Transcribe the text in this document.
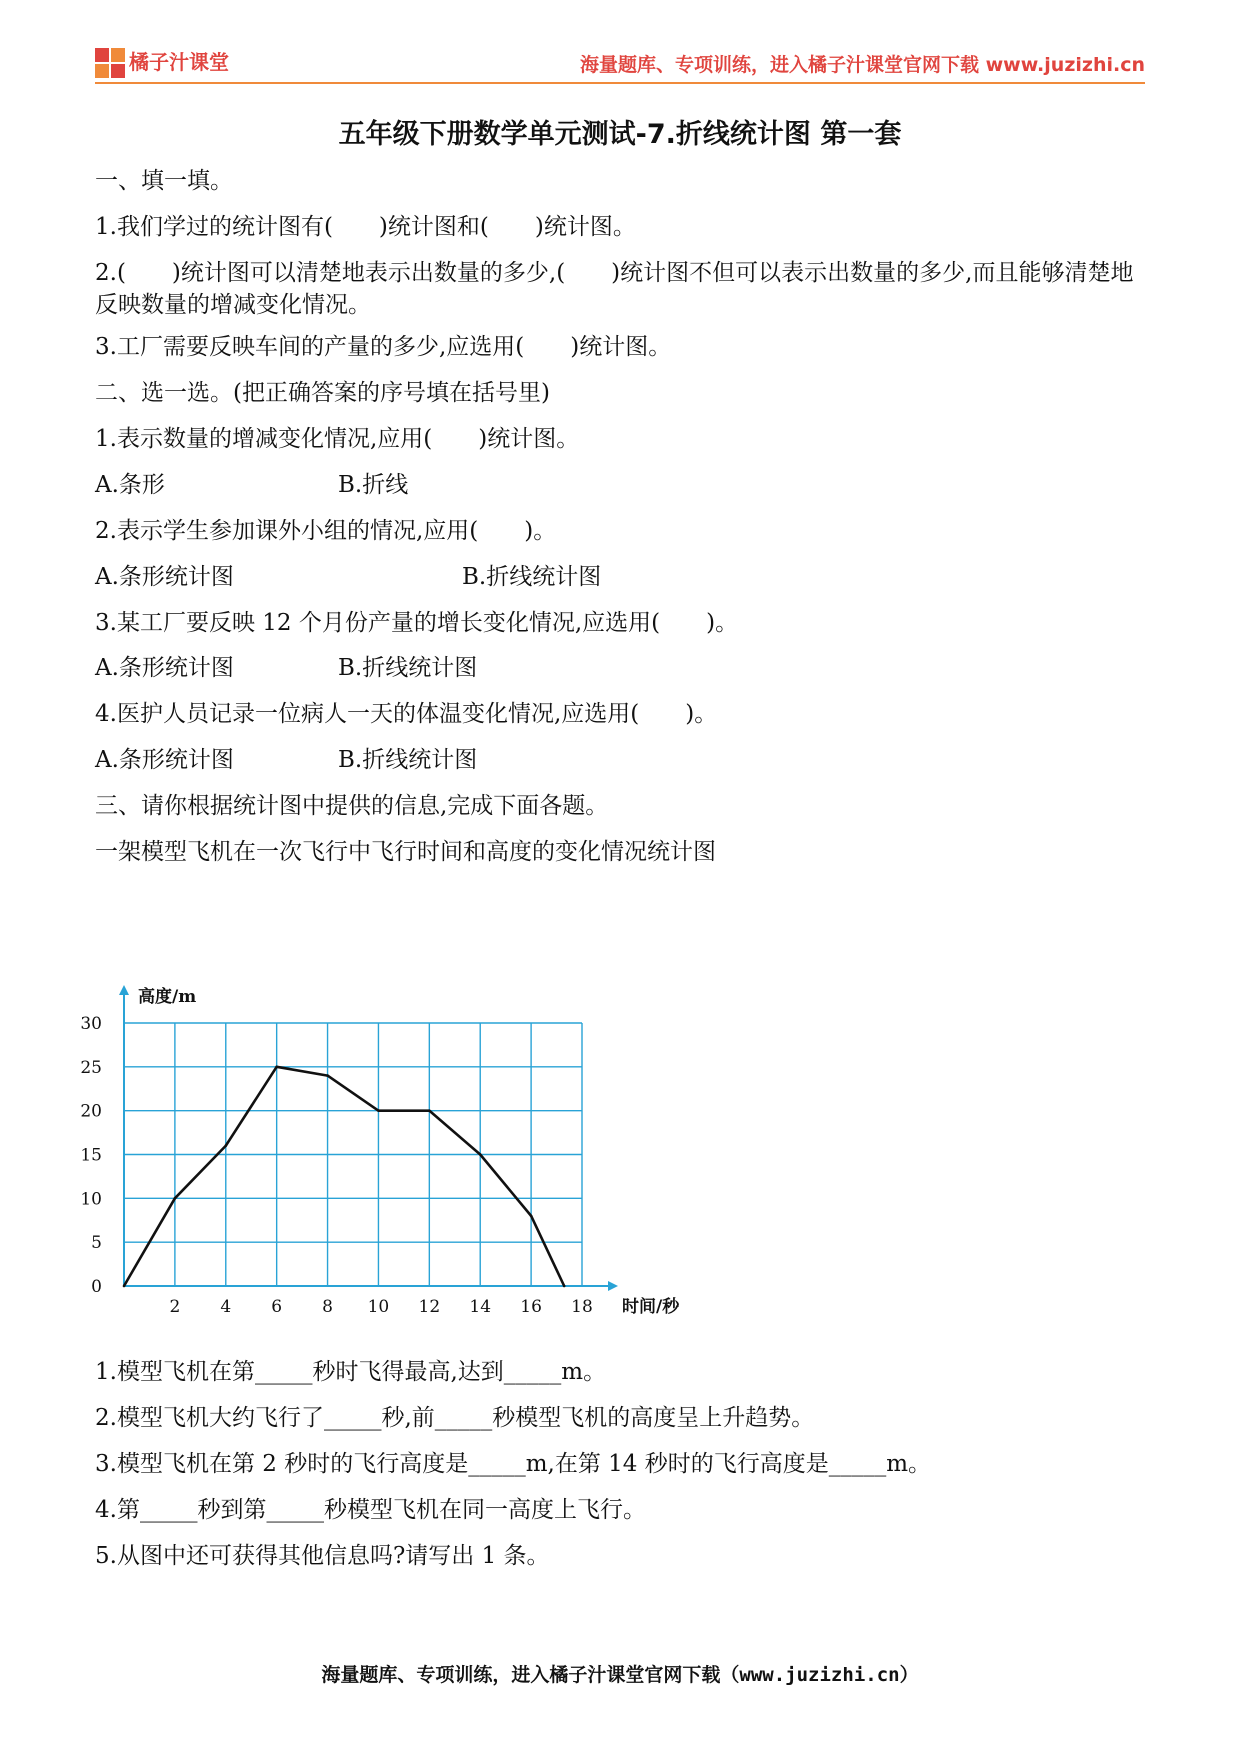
橘子汁课堂	海量题库、专项训练，进入橘子汁课堂官网下载 www.juzizhi.cn
五年级下册数学单元测试-7.折线统计图 第一套
一、填一填。
1.我们学过的统计图有(　　)统计图和(　　)统计图。
2.(　　)统计图可以清楚地表示出数量的多少,(　　)统计图不但可以表示出数量的多少,而且能够清楚地反映数量的增减变化情况。
3.工厂需要反映车间的产量的多少,应选用(　　)统计图。
二、选一选。(把正确答案的序号填在括号里)
1.表示数量的增减变化情况,应用(　　)统计图。
A.条形	B.折线
2.表示学生参加课外小组的情况,应用(　　)。
A.条形统计图	B.折线统计图
3.某工厂要反映 12 个月份产量的增长变化情况,应选用(　　)。
A.条形统计图	B.折线统计图
4.医护人员记录一位病人一天的体温变化情况,应选用(　　)。
A.条形统计图	B.折线统计图
三、请你根据统计图中提供的信息,完成下面各题。
一架模型飞机在一次飞行中飞行时间和高度的变化情况统计图
2 4 6 8 10 12 14 16 18
0
5
10
15
20
25
30
高度/m
时间/秒
1.模型飞机在第_____秒时飞得最高,达到_____m。
2.模型飞机大约飞行了_____秒,前_____秒模型飞机的高度呈上升趋势。
3.模型飞机在第 2 秒时的飞行高度是_____m,在第 14 秒时的飞行高度是_____m。
4.第_____秒到第_____秒模型飞机在同一高度上飞行。
5.从图中还可获得其他信息吗?请写出 1 条。
海量题库、专项训练，进入橘子汁课堂官网下载（www.juzizhi.cn）
